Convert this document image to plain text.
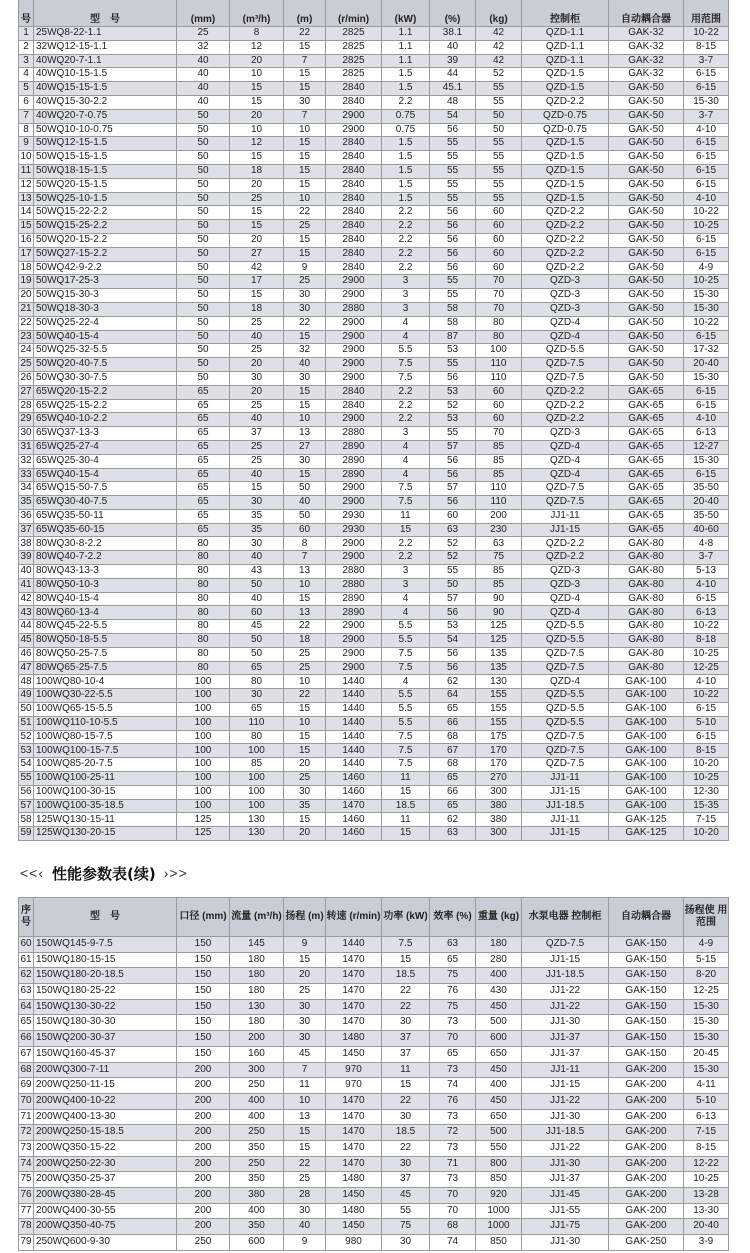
号	型　号	(mm)	(m³/h)	(m)	(r/min)	(kW)	(%)	(kg)	控制柜	自动耦合器	用范围
1	25WQ8-22-1.1	25	8	22	2825	1.1	38.1	42	QZD-1.1	GAK-32	10-22
2	32WQ12-15-1.1	32	12	15	2825	1.1	40	42	QZD-1.1	GAK-32	8-15
3	40WQ20-7-1.1	40	20	7	2825	1.1	39	42	QZD-1.1	GAK-32	3-7
4	40WQ10-15-1.5	40	10	15	2825	1.5	44	52	QZD-1.5	GAK-32	6-15
5	40WQ15-15-1.5	40	15	15	2840	1.5	45.1	55	QZD-1.5	GAK-50	6-15
6	40WQ15-30-2.2	40	15	30	2840	2.2	48	55	QZD-2.2	GAK-50	15-30
7	40WQ20-7-0.75	50	20	7	2900	0.75	54	50	QZD-0.75	GAK-50	3-7
8	50WQ10-10-0.75	50	10	10	2900	0.75	56	50	QZD-0.75	GAK-50	4-10
9	50WQ12-15-1.5	50	12	15	2840	1.5	55	55	QZD-1.5	GAK-50	6-15
10	50WQ15-15-1.5	50	15	15	2840	1.5	55	55	QZD-1.5	GAK-50	6-15
11	50WQ18-15-1.5	50	18	15	2840	1.5	55	55	QZD-1.5	GAK-50	6-15
12	50WQ20-15-1.5	50	20	15	2840	1.5	55	55	QZD-1.5	GAK-50	6-15
13	50WQ25-10-1.5	50	25	10	2840	1.5	55	55	QZD-1.5	GAK-50	4-10
14	50WQ15-22-2.2	50	15	22	2840	2.2	56	60	QZD-2.2	GAK-50	10-22
15	50WQ15-25-2.2	50	15	25	2840	2.2	56	60	QZD-2.2	GAK-50	10-25
16	50WQ20-15-2.2	50	20	15	2840	2.2	56	60	QZD-2.2	GAK-50	6-15
17	50WQ27-15-2.2	50	27	15	2840	2.2	56	60	QZD-2.2	GAK-50	6-15
18	50WQ42-9-2.2	50	42	9	2840	2.2	56	60	QZD-2.2	GAK-50	4-9
19	50WQ17-25-3	50	17	25	2900	3	55	70	QZD-3	GAK-50	10-25
20	50WQ15-30-3	50	15	30	2900	3	55	70	QZD-3	GAK-50	15-30
21	50WQ18-30-3	50	18	30	2880	3	58	70	QZD-3	GAK-50	15-30
22	50WQ25-22-4	50	25	22	2900	4	58	80	QZD-4	GAK-50	10-22
23	50WQ40-15-4	50	40	15	2900	4	87	80	QZD-4	GAK-50	6-15
24	50WQ25-32-5.5	50	25	32	2900	5.5	53	100	QZD-5.5	GAK-50	17-32
25	50WQ20-40-7.5	50	20	40	2900	7.5	55	110	QZD-7.5	GAK-50	20-40
26	50WQ30-30-7.5	50	30	30	2900	7.5	56	110	QZD-7.5	GAK-50	15-30
27	65WQ20-15-2.2	65	20	15	2840	2.2	53	60	QZD-2.2	GAK-65	6-15
28	65WQ25-15-2.2	65	25	15	2840	2.2	52	60	QZD-2.2	GAK-65	6-15
29	65WQ40-10-2.2	65	40	10	2900	2.2	53	60	QZD-2.2	GAK-65	4-10
30	65WQ37-13-3	65	37	13	2880	3	55	70	QZD-3	GAK-65	6-13
31	65WQ25-27-4	65	25	27	2890	4	57	85	QZD-4	GAK-65	12-27
32	65WQ25-30-4	65	25	30	2890	4	56	85	QZD-4	GAK-65	15-30
33	65WQ40-15-4	65	40	15	2890	4	56	85	QZD-4	GAK-65	6-15
34	65WQ15-50-7.5	65	15	50	2900	7.5	57	110	QZD-7.5	GAK-65	35-50
35	65WQ30-40-7.5	65	30	40	2900	7.5	56	110	QZD-7.5	GAK-65	20-40
36	65WQ35-50-11	65	35	50	2930	11	60	200	JJ1-11	GAK-65	35-50
37	65WQ35-60-15	65	35	60	2930	15	63	230	JJ1-15	GAK-65	40-60
38	80WQ30-8-2.2	80	30	8	2900	2.2	52	63	QZD-2.2	GAK-80	4-8
39	80WQ40-7-2.2	80	40	7	2900	2.2	52	75	QZD-2.2	GAK-80	3-7
40	80WQ43-13-3	80	43	13	2880	3	55	85	QZD-3	GAK-80	5-13
41	80WQ50-10-3	80	50	10	2880	3	50	85	QZD-3	GAK-80	4-10
42	80WQ40-15-4	80	40	15	2890	4	57	90	QZD-4	GAK-80	6-15
43	80WQ60-13-4	80	60	13	2890	4	56	90	QZD-4	GAK-80	6-13
44	80WQ45-22-5.5	80	45	22	2900	5.5	53	125	QZD-5.5	GAK-80	10-22
45	80WQ50-18-5.5	80	50	18	2900	5.5	54	125	QZD-5.5	GAK-80	8-18
46	80WQ50-25-7.5	80	50	25	2900	7.5	56	135	QZD-7.5	GAK-80	10-25
47	80WQ65-25-7.5	80	65	25	2900	7.5	56	135	QZD-7.5	GAK-80	12-25
48	100WQ80-10-4	100	80	10	1440	4	62	130	QZD-4	GAK-100	4-10
49	100WQ30-22-5.5	100	30	22	1440	5.5	64	155	QZD-5.5	GAK-100	10-22
50	100WQ65-15-5.5	100	65	15	1440	5.5	65	155	QZD-5.5	GAK-100	6-15
51	100WQ110-10-5.5	100	110	10	1440	5.5	66	155	QZD-5.5	GAK-100	5-10
52	100WQ80-15-7.5	100	80	15	1440	7.5	68	175	QZD-7.5	GAK-100	6-15
53	100WQ100-15-7.5	100	100	15	1440	7.5	67	170	QZD-7.5	GAK-100	8-15
54	100WQ85-20-7.5	100	85	20	1440	7.5	68	170	QZD-7.5	GAK-100	10-20
55	100WQ100-25-11	100	100	25	1460	11	65	270	JJ1-11	GAK-100	10-25
56	100WQ100-30-15	100	100	30	1460	15	66	300	JJ1-15	GAK-100	12-30
57	100WQ100-35-18.5	100	100	35	1470	18.5	65	380	JJ1-18.5	GAK-100	15-35
58	125WQ130-15-11	125	130	15	1460	11	62	380	JJ1-11	GAK-125	7-15
59	125WQ130-20-15	125	130	20	1460	15	63	300	JJ1-15	GAK-125	10-20
<<‹ 性能参数表(续) ›>>
序号	型　号	口径 (mm)	流量 (m³/h)	扬程 (m)	转速 (r/min)	功率 (kW)	效率 (%)	重量 (kg)	水泵电器 控制柜	自动耦合器	扬程使 用范围
60	150WQ145-9-7.5	150	145	9	1440	7.5	63	180	QZD-7.5	GAK-150	4-9
61	150WQ180-15-15	150	180	15	1470	15	65	280	JJ1-15	GAK-150	5-15
62	150WQ180-20-18.5	150	180	20	1470	18.5	75	400	JJ1-18.5	GAK-150	8-20
63	150WQ180-25-22	150	180	25	1470	22	76	430	JJ1-22	GAK-150	12-25
64	150WQ130-30-22	150	130	30	1470	22	75	450	JJ1-22	GAK-150	15-30
65	150WQ180-30-30	150	180	30	1470	30	73	500	JJ1-30	GAK-150	15-30
66	150WQ200-30-37	150	200	30	1480	37	70	600	JJ1-37	GAK-150	15-30
67	150WQ160-45-37	150	160	45	1450	37	65	650	JJ1-37	GAK-150	20-45
68	200WQ300-7-11	200	300	7	970	11	73	450	JJ1-11	GAK-200	15-30
69	200WQ250-11-15	200	250	11	970	15	74	400	JJ1-15	GAK-200	4-11
70	200WQ400-10-22	200	400	10	1470	22	76	450	JJ1-22	GAK-200	5-10
71	200WQ400-13-30	200	400	13	1470	30	73	650	JJ1-30	GAK-200	6-13
72	200WQ250-15-18.5	200	250	15	1470	18.5	72	500	JJ1-18.5	GAK-200	7-15
73	200WQ350-15-22	200	350	15	1470	22	73	550	JJ1-22	GAK-200	8-15
74	200WQ250-22-30	200	250	22	1470	30	71	800	JJ1-30	GAK-200	12-22
75	200WQ350-25-37	200	350	25	1480	37	73	850	JJ1-37	GAK-200	10-25
76	200WQ380-28-45	200	380	28	1450	45	70	920	JJ1-45	GAK-200	13-28
77	200WQ400-30-55	200	400	30	1480	55	70	1000	JJ1-55	GAK-200	13-30
78	200WQ350-40-75	200	350	40	1450	75	68	1000	JJ1-75	GAK-200	20-40
79	250WQ600-9-30	250	600	9	980	30	74	850	JJ1-30	GAK-250	3-9
